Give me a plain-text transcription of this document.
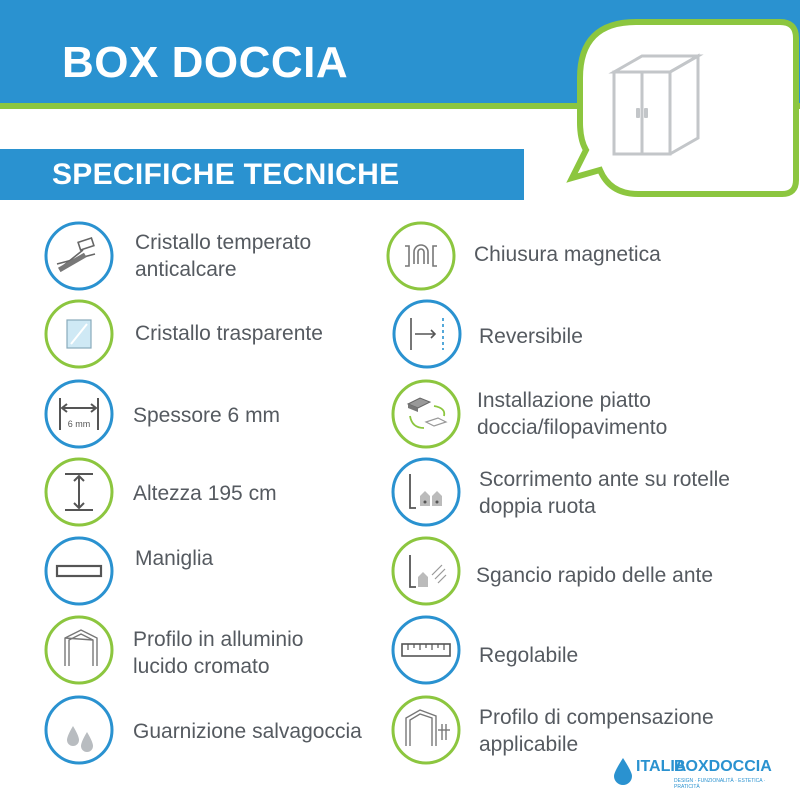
BOX DOCCIA
SPECIFICHE TECNICHE
Cristallo temperato
anticalcare
Cristallo trasparente
6 mm Spessore 6 mm
Altezza 195 cm
Maniglia
Profilo in alluminio
lucido cromato
Guarnizione salvagoccia
Chiusura magnetica
Reversibile
Installazione piatto
doccia/filopavimento
Scorrimento ante su rotelle
doppia ruota
Sgancio rapido delle ante
Regolabile
Profilo di compensazione
applicabile
ITALIA
BOXDOCCIA
DESIGN · FUNZIONALITÀ · ESTETICA · PRATICITÀ
